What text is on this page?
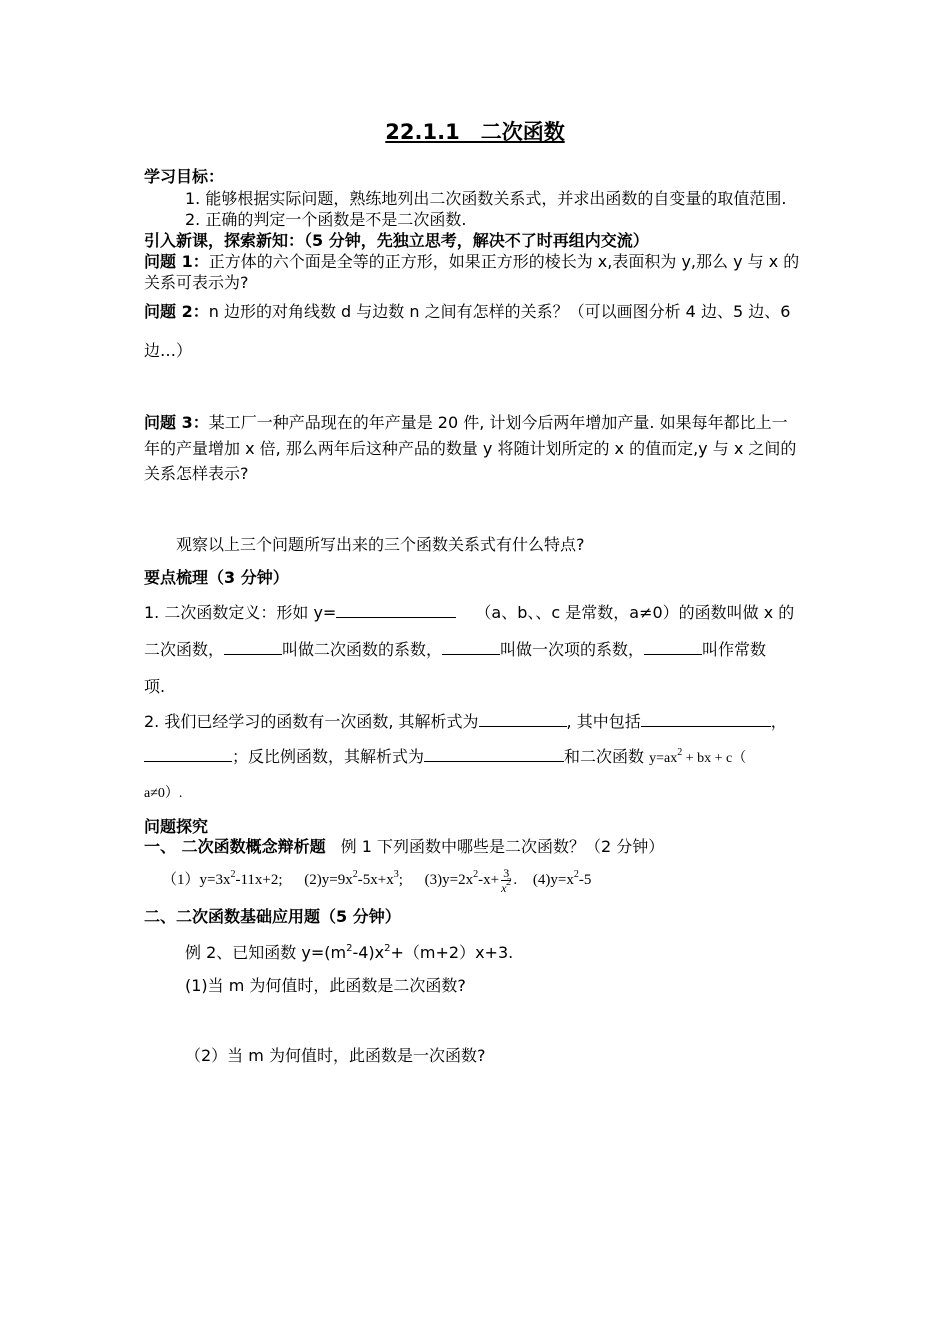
22.1.1　二次函数
学习目标：
1. 能够根据实际问题，熟练地列出二次函数关系式，并求出函数的自变量的取值范围.
2. 正确的判定一个函数是不是二次函数.
引入新课，探索新知：（5 分钟，先独立思考，解决不了时再组内交流）
问题 1：正方体的六个面是全等的正方形，如果正方形的棱长为 x,表面积为 y,那么 y 与 x 的
关系可表示为?
问题 2：n 边形的对角线数 d 与边数 n 之间有怎样的关系？（可以画图分析 4 边、5 边、6
边…）
问题 3：某工厂一种产品现在的年产量是 20 件, 计划今后两年增加产量. 如果每年都比上一
年的产量增加 x 倍, 那么两年后这种产品的数量 y 将随计划所定的 x 的值而定,y 与 x 之间的
关系怎样表示?
观察以上三个问题所写出来的三个函数关系式有什么特点?
要点梳理（3 分钟）
1. 二次函数定义：形如 y=	（a、b、、c 是常数，a≠0）的函数叫做 x 的
二次函数，	叫做二次函数的系数，	叫做一次项的系数，	叫作常数
项.
2. 我们已经学习的函数有一次函数, 其解析式为	, 其中包括	，
；反比例函数，其解析式为	和二次函数 $y=ax^2$ + bx + c（
a≠0）.
问题探究
一、 二次函数概念辩析题 例 1 下列函数中哪些是二次函数？（2 分钟）
$(1)y=3x^2-11x+2$; $(2)y=9x^2-5x+x^3$; $(3)y=2x^2-x+ \frac{3}{x^2}$ . $(4)y=x^2-5$
二、二次函数基础应用题（5 分钟）
例 2、已知函数 $y=(m^2-4)x^2+(m+2)x+3$.
(1)当 m 为何值时，此函数是二次函数?
（2）当 m 为何值时，此函数是一次函数?
